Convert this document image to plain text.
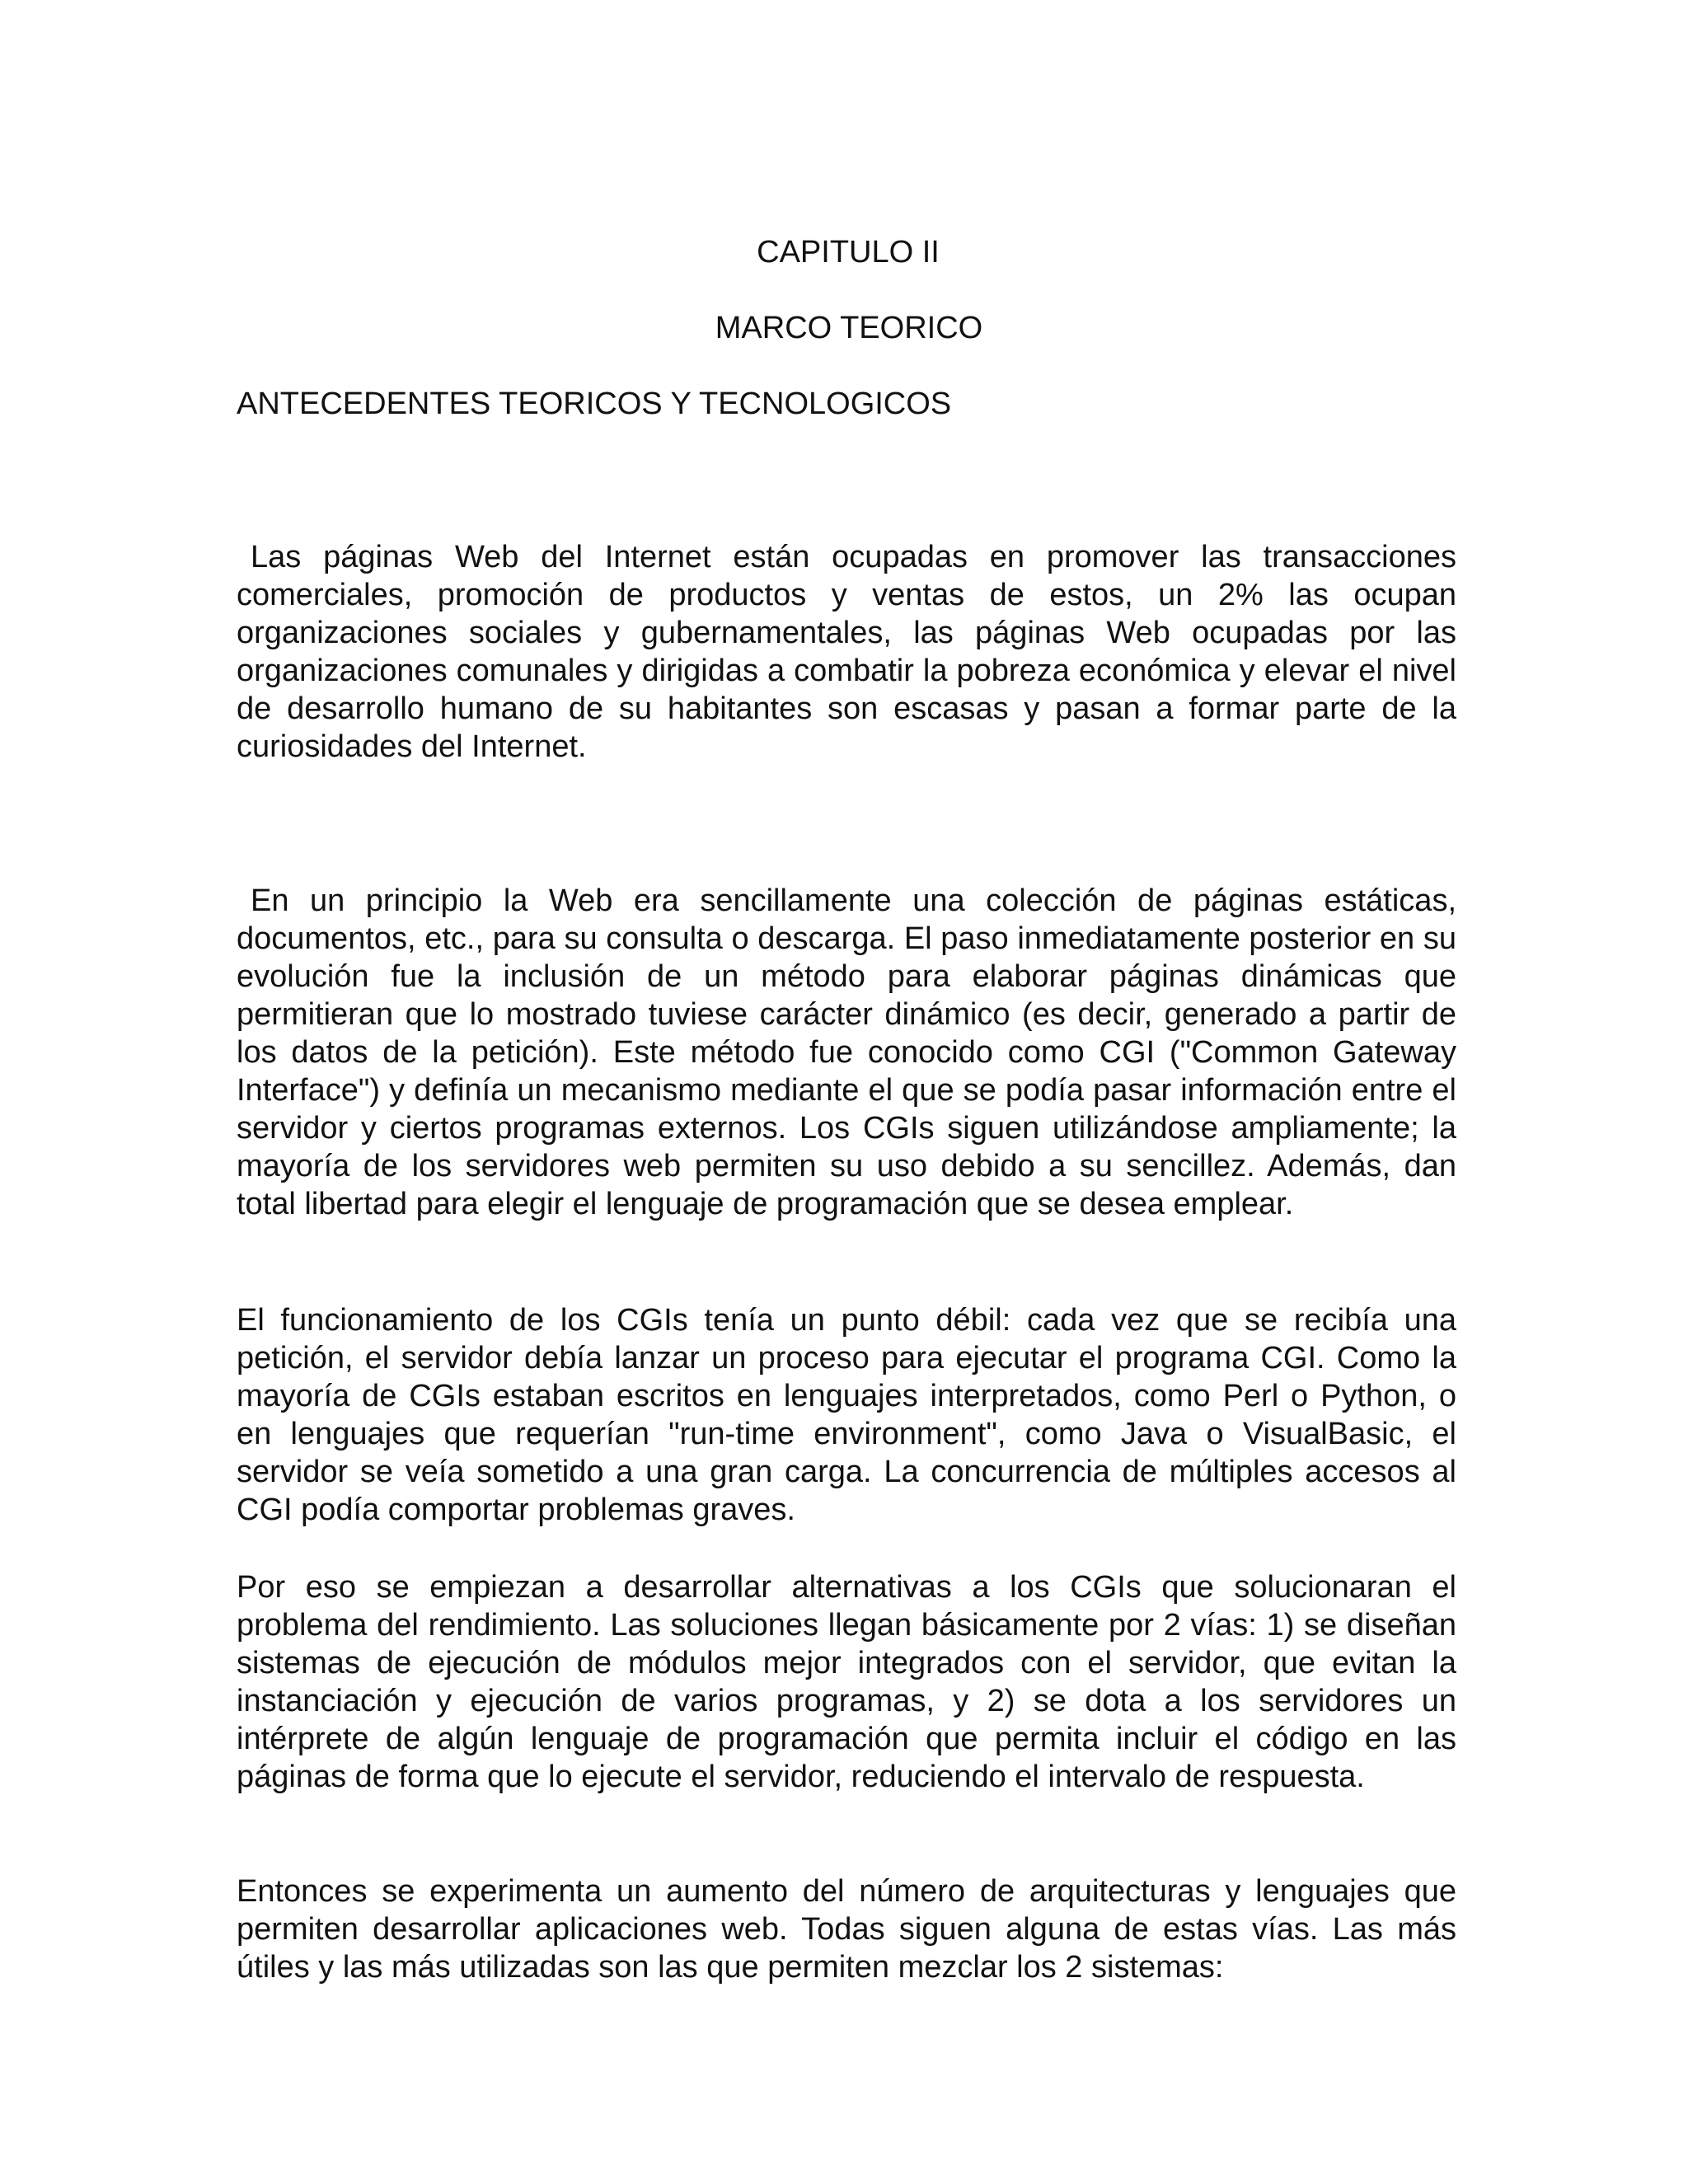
CAPITULO II
MARCO TEORICO
ANTECEDENTES TEORICOS Y TECNOLOGICOS

Las páginas Web del Internet están ocupadas en promover las transacciones comerciales, promoción de productos y ventas de estos, un 2% las ocupan organizaciones sociales y gubernamentales, las páginas Web ocupadas por las organizaciones comunales y dirigidas a combatir la pobreza económica y elevar el nivel de desarrollo humano de su habitantes son escasas y pasan a formar parte de la curiosidades del Internet.

En un principio la Web era sencillamente una colección de páginas estáticas, documentos, etc., para su consulta o descarga. El paso inmediatamente posterior en su evolución fue la inclusión de un método para elaborar páginas dinámicas que permitieran que lo mostrado tuviese carácter dinámico (es decir, generado a partir de los datos de la petición). Este método fue conocido como CGI ("Common Gateway Interface") y definía un mecanismo mediante el que se podía pasar información entre el servidor y ciertos programas externos. Los CGIs siguen utilizándose ampliamente; la mayoría de los servidores web permiten su uso debido a su sencillez. Además, dan total libertad para elegir el lenguaje de programación que se desea emplear.

El funcionamiento de los CGIs tenía un punto débil: cada vez que se recibía una petición, el servidor debía lanzar un proceso para ejecutar el programa CGI. Como la mayoría de CGIs estaban escritos en lenguajes interpretados, como Perl o Python, o en lenguajes que requerían "run-time environment", como Java o VisualBasic, el servidor se veía sometido a una gran carga. La concurrencia de múltiples accesos al CGI podía comportar problemas graves.

Por eso se empiezan a desarrollar alternativas a los CGIs que solucionaran el problema del rendimiento. Las soluciones llegan básicamente por 2 vías: 1) se diseñan sistemas de ejecución de módulos mejor integrados con el servidor, que evitan la instanciación y ejecución de varios programas, y 2) se dota a los servidores un intérprete de algún lenguaje de programación que permita incluir el código en las páginas de forma que lo ejecute el servidor, reduciendo el intervalo de respuesta.

Entonces se experimenta un aumento del número de arquitecturas y lenguajes que permiten desarrollar aplicaciones web. Todas siguen alguna de estas vías. Las más útiles y las más utilizadas son las que permiten mezclar los 2 sistemas:
